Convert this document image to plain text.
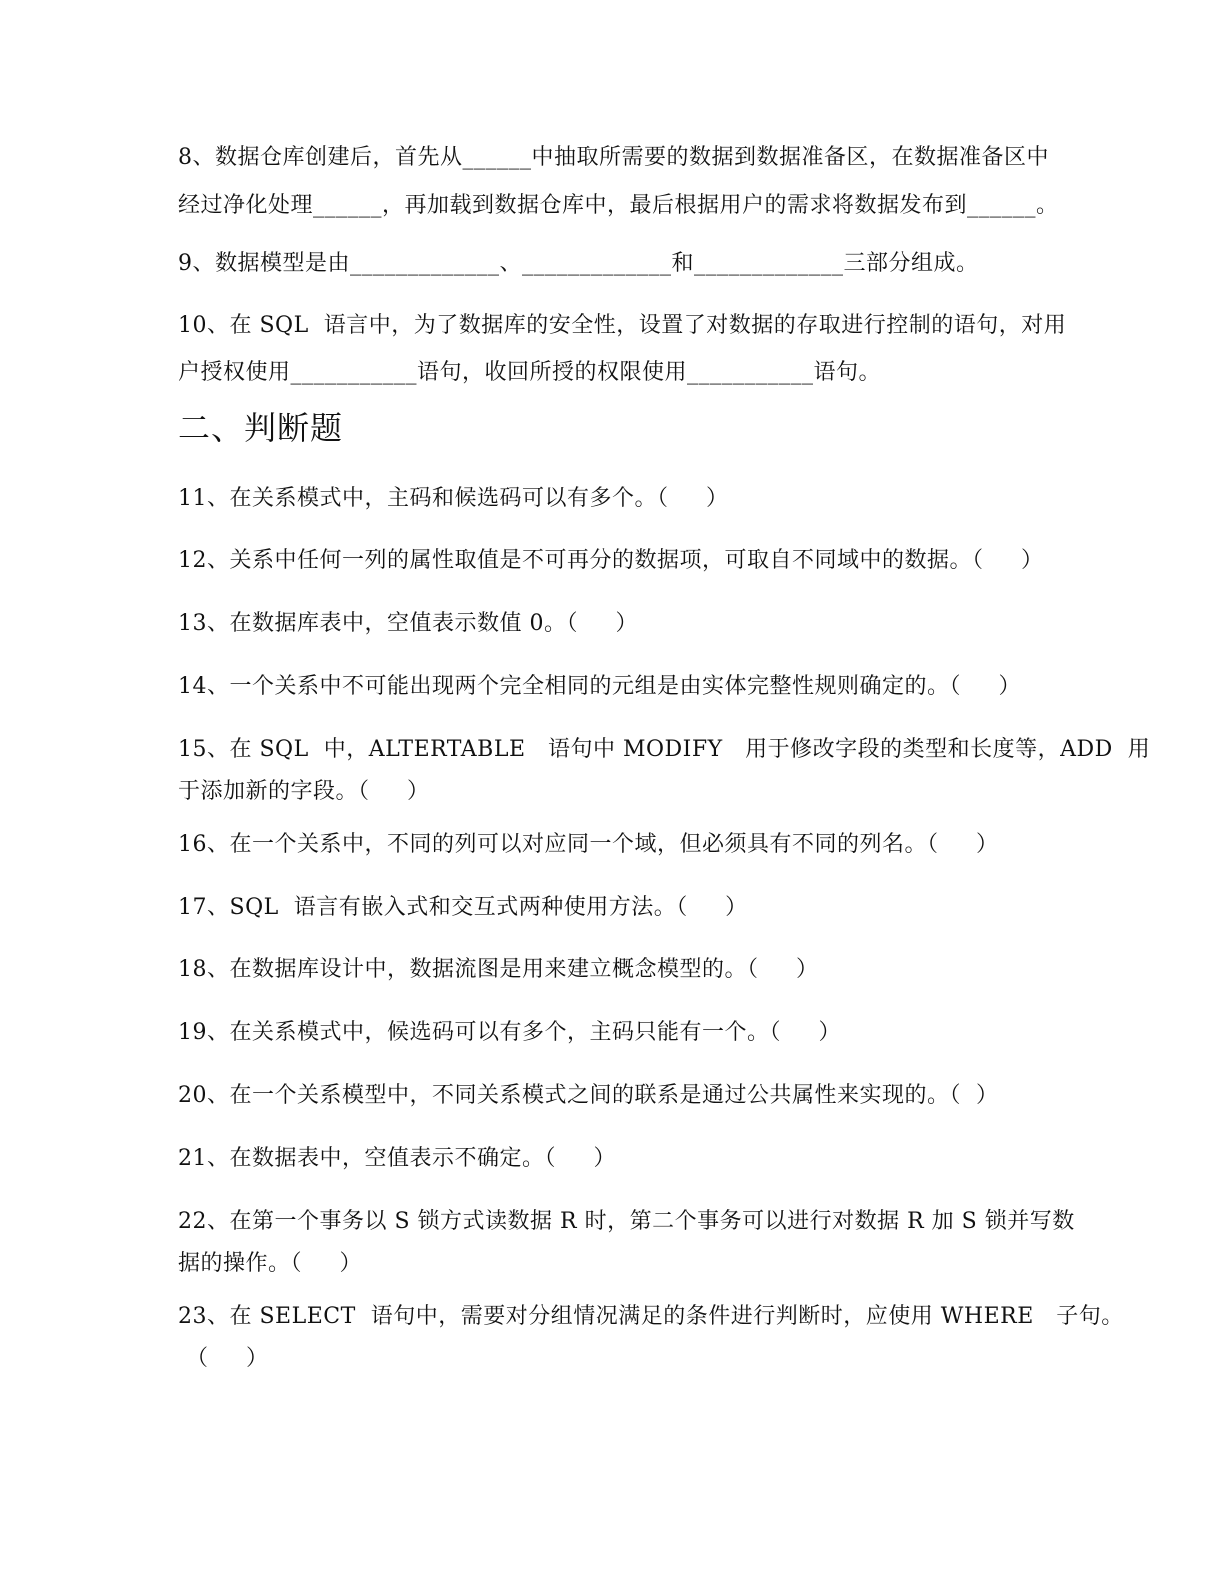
8、数据仓库创建后，首先从______中抽取所需要的数据到数据准备区，在数据准备区中
经过净化处理______，再加载到数据仓库中，最后根据用户的需求将数据发布到______。
9、数据模型是由_____________、_____________和_____________三部分组成。
10、在 SQL  语言中，为了数据库的安全性，设置了对数据的存取进行控制的语句，对用
户授权使用___________语句，收回所授的权限使用___________语句。
二、判断题
11、在关系模式中，主码和候选码可以有多个。（     ）
12、关系中任何一列的属性取值是不可再分的数据项，可取自不同域中的数据。（     ）
13、在数据库表中，空值表示数值 0。（     ）
14、一个关系中不可能出现两个完全相同的元组是由实体完整性规则确定的。（     ）
15、在 SQL  中，ALTERTABLE   语句中 MODIFY   用于修改字段的类型和长度等，ADD  用
于添加新的字段。（     ）
16、在一个关系中，不同的列可以对应同一个域，但必须具有不同的列名。（     ）
17、SQL  语言有嵌入式和交互式两种使用方法。（     ）
18、在数据库设计中，数据流图是用来建立概念模型的。（     ）
19、在关系模式中，候选码可以有多个，主码只能有一个。（     ）
20、在一个关系模型中，不同关系模式之间的联系是通过公共属性来实现的。（  ）
21、在数据表中，空值表示不确定。（     ）
22、在第一个事务以 S 锁方式读数据 R 时，第二个事务可以进行对数据 R 加 S 锁并写数
据的操作。（     ）
23、在 SELECT  语句中，需要对分组情况满足的条件进行判断时，应使用 WHERE   子句。
（     ）
